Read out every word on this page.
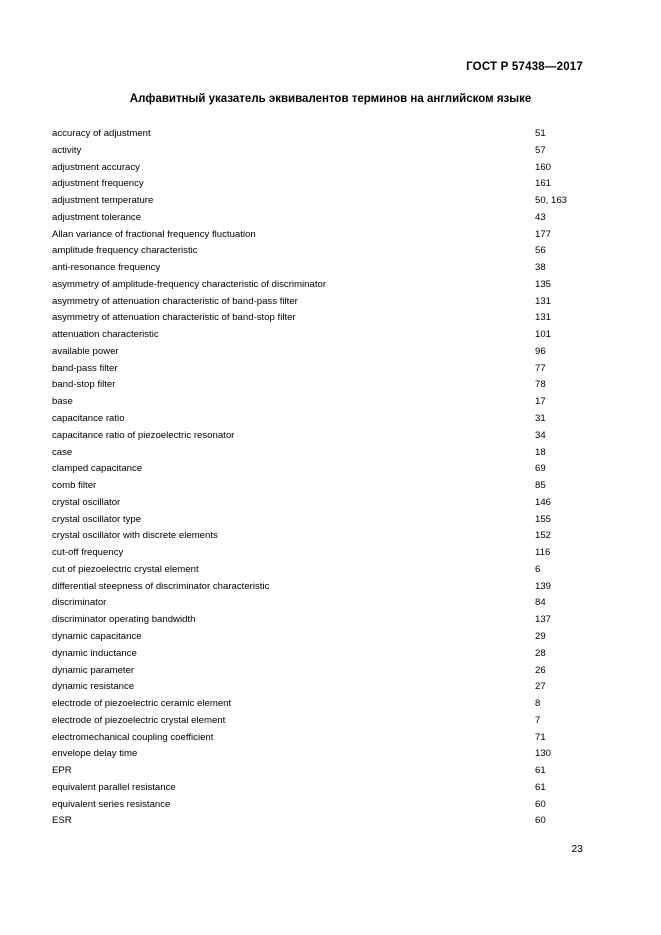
ГОСТ Р 57438—2017
Алфавитный указатель эквивалентов терминов на английском языке
accuracy of adjustment	51
activity	57
adjustment accuracy	160
adjustment frequency	161
adjustment temperature	50, 163
adjustment tolerance	43
Allan variance of fractional frequency fluctuation	177
amplitude frequency characteristic	56
anti-resonance frequency	38
asymmetry of amplitude-frequency characteristic of discriminator	135
asymmetry of attenuation characteristic of band-pass filter	131
asymmetry of attenuation characteristic of band-stop filter	131
attenuation characteristic	101
available power	96
band-pass filter	77
band-stop filter	78
base	17
capacitance ratio	31
capacitance ratio of piezoelectric resonator	34
case	18
clamped capacitance	69
comb filter	85
crystal oscillator	146
crystal oscillator type	155
crystal oscillator with discrete elements	152
cut-off frequency	116
cut of piezoelectric crystal element	6
differential steepness of discriminator characteristic	139
discriminator	84
discriminator operating bandwidth	137
dynamic capacitance	29
dynamic inductance	28
dynamic parameter	26
dynamic resistance	27
electrode of piezoelectric ceramic element	8
electrode of piezoelectric crystal element	7
electromechanical coupling coefficient	71
envelope delay time	130
EPR	61
equivalent parallel resistance	61
equivalent series resistance	60
ESR	60
23
